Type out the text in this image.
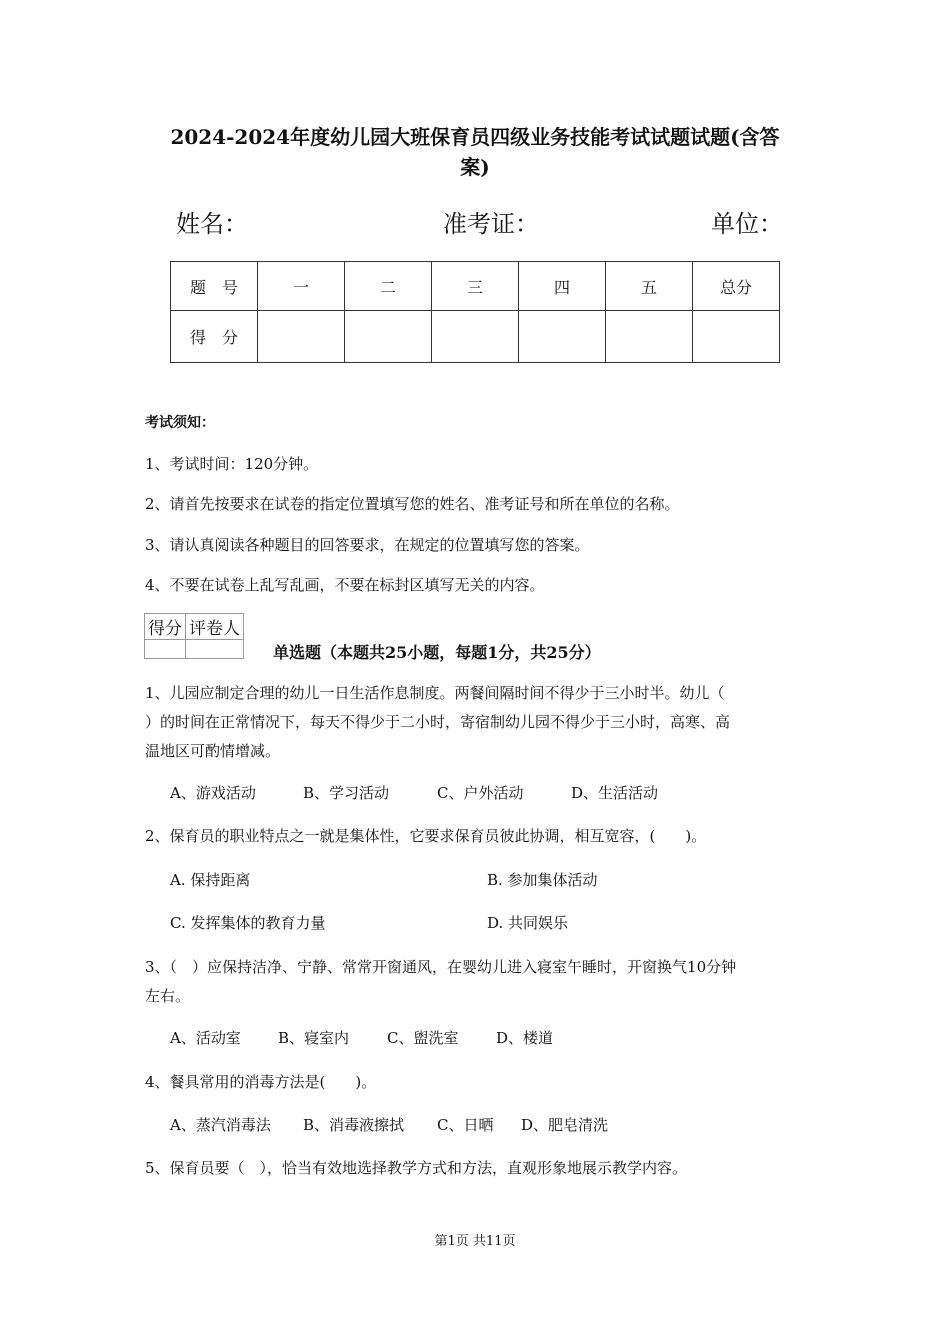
2024-2024年度幼儿园大班保育员四级业务技能考试试题试题(含答
案)
姓名：	准考证：	单位：
题　号	一	二	三	四	五	总分
得　分						
考试须知：
1、考试时间：120分钟。
2、请首先按要求在试卷的指定位置填写您的姓名、准考证号和所在单位的名称。
3、请认真阅读各种题目的回答要求，在规定的位置填写您的答案。
4、不要在试卷上乱写乱画，不要在标封区填写无关的内容。
得分	评卷人

单选题（本题共25小题，每题1分，共25分）
1、儿园应制定合理的幼儿一日生活作息制度。两餐间隔时间不得少于三小时半。幼儿（
）的时间在正常情况下，每天不得少于二小时，寄宿制幼儿园不得少于三小时，高寒、高
温地区可酌情增减。
A、游戏活动	B、学习活动	C、户外活动	D、生活活动
2、保育员的职业特点之一就是集体性，它要求保育员彼此协调，相互宽容，(　　)。
A. 保持距离	B. 参加集体活动
C. 发挥集体的教育力量	D. 共同娱乐
3、（　）应保持洁净、宁静、常常开窗通风，在婴幼儿进入寝室午睡时，开窗换气10分钟
左右。
A、活动室 B、寝室内	C、盥洗室	D、楼道
4、餐具常用的消毒方法是(　　)。
A、蒸汽消毒法 B、消毒液擦拭 C、日晒 D、肥皂清洗
5、保育员要（　），恰当有效地选择教学方式和方法，直观形象地展示教学内容。
第1页 共11页
